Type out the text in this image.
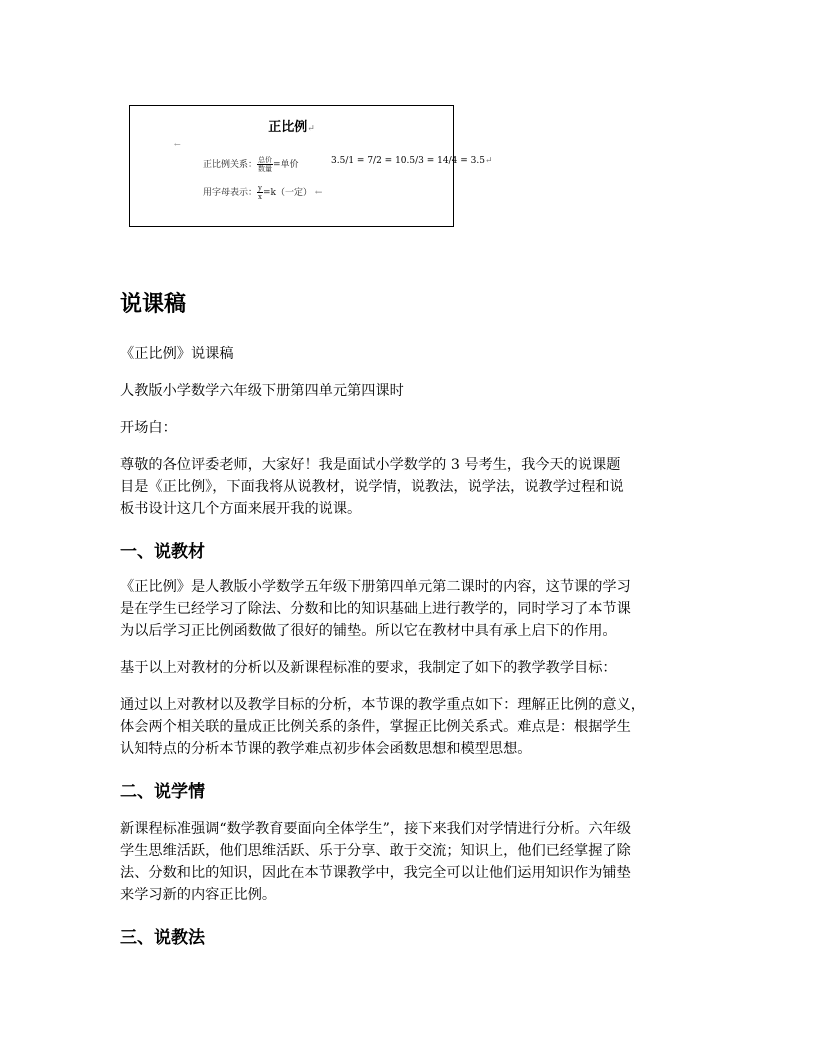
正比例↵
←
正比例关系： $\frac{\text{总价}}{\text{数量}}$ =单价	3.5/1 = 7/2 = 10.5/3 = 14/4 = 3.5↵
用字母表示： $\frac{y}{x} =k$（一定） ←
说课稿

《正比例》说课稿

人教版小学数学六年级下册第四单元第四课时

开场白：

尊敬的各位评委老师，大家好！我是面试小学数学的 3 号考生，我今天的说课题
目是《正比例》，下面我将从说教材，说学情，说教法，说学法，说教学过程和说
板书设计这几个方面来展开我的说课。
一、说教材
《正比例》是人教版小学数学五年级下册第四单元第二课时的内容，这节课的学习
是在学生已经学习了除法、分数和比的知识基础上进行教学的，同时学习了本节课
为以后学习正比例函数做了很好的铺垫。所以它在教材中具有承上启下的作用。

基于以上对教材的分析以及新课程标准的要求，我制定了如下的教学教学目标：

通过以上对教材以及教学目标的分析，本节课的教学重点如下：理解正比例的意义，
体会两个相关联的量成正比例关系的条件，掌握正比例关系式。难点是：根据学生
认知特点的分析本节课的教学难点初步体会函数思想和模型思想。
二、说学情
新课程标准强调“数学教育要面向全体学生”，接下来我们对学情进行分析。六年级
学生思维活跃，他们思维活跃、乐于分享、敢于交流；知识上，他们已经掌握了除
法、分数和比的知识，因此在本节课教学中，我完全可以让他们运用知识作为铺垫
来学习新的内容正比例。
三、说教法
